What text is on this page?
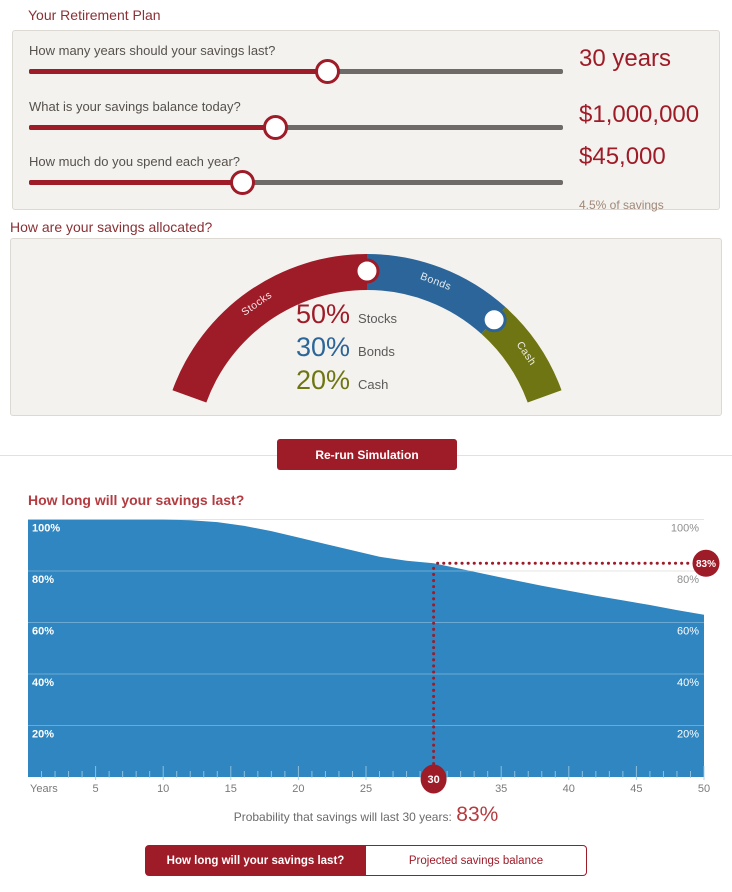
Your Retirement Plan
How many years should your savings last?	30 years
What is your savings balance today?	$1,000,000
How much do you spend each year?	$45,000
4.5% of savings
How are your savings allocated?
Stocks
Bonds
Cash
50% Stocks
30% Bonds
20% Cash
Re-run Simulation
How long will your savings last?
20%	20%
40%	40%
60%	60%
80%	80%
100%	100%
Years	5	10	15	20	25	35	40	45	50
83%
30
Probability that savings will last 30 years: 83%
How long will your savings last?	Projected savings balance
